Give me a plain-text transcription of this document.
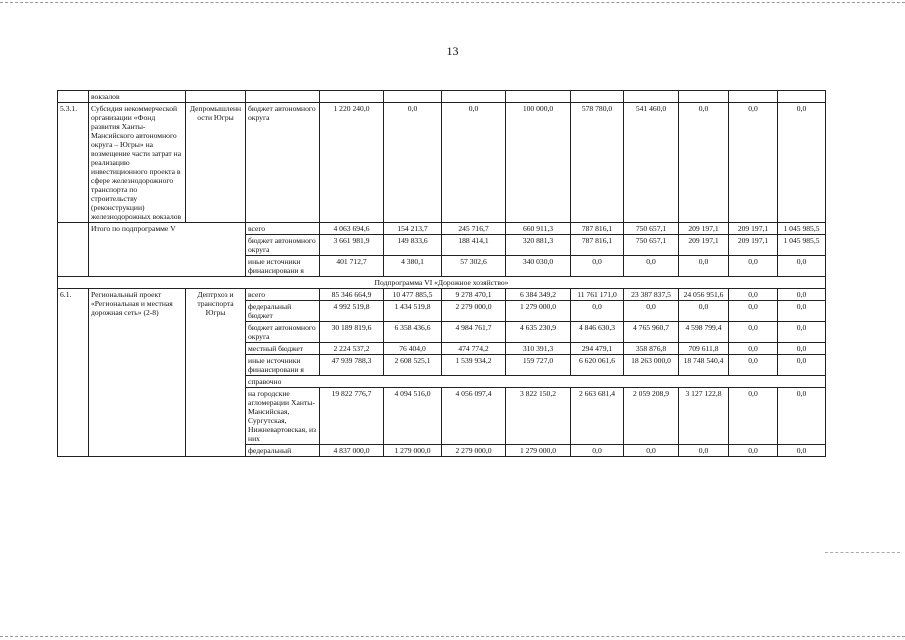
13
	вокзалов											
5.3.1.	Субсидия некоммерческой организации «Фонд развития Ханты-Мансийского автономного округа – Югры» на возмещение части затрат на реализацию инвестиционного проекта в сфере железнодорожного транспорта по строительству (реконструкции) железнодорожных вокзалов	Депромышленности Югры	бюджет автономного округа	1 220 240,0	0,0	0,0	100 000,0	578 780,0	541 460,0	0,0	0,0	0,0
	Итого по подпрограмме V		всего	4 063 694,6	154 213,7	245 716,7	660 911,3	787 816,1	750 657,1	209 197,1	209 197,1	1 045 985,5
			бюджет автономного округа	3 661 981,9	149 833,6	188 414,1	320 881,3	787 816,1	750 657,1	209 197,1	209 197,1	1 045 985,5
			иные источники финансировани я	401 712,7	4 380,1	57 302,6	340 030,0	0,0	0,0	0,0	0,0	0,0
Подпрограмма VI «Дорожное хозяйство»												
6.1.	Региональный проект «Региональная и местная дорожная сеть» (2-8)	Дептрхоз и транспорта Югры	всего	85 346 664,9	10 477 885,5	9 278 470,1	6 384 349,2	11 761 171,0	23 387 837,5	24 056 951,6	0,0	0,0
			федеральный бюджет	4 992 519,8	1 434 519,8	2 279 000,0	1 279 000,0	0,0	0,0	0,0	0,0	0,0
			бюджет автономного округа	30 189 819,6	6 358 436,6	4 984 761,7	4 635 230,9	4 846 630,3	4 765 960,7	4 598 799,4	0,0	0,0
			местный бюджет	2 224 537,2	76 404,0	474 774,2	310 391,3	294 479,1	358 876,8	709 611,8	0,0	0,0
			иные источники финансировани я	47 939 788,3	2 608 525,1	1 539 934,2	159 727,0	6 620 061,6	18 263 000,0	18 748 540,4	0,0	0,0
			справочно									
			на городские агломерации Ханты-Мансийская, Сургутская, Нижневартовская, из них	19 822 776,7	4 094 516,0	4 056 097,4	3 822 150,2	2 663 681,4	2 059 208,9	3 127 122,8	0,0	0,0
			федеральный	4 837 000,0	1 279 000,0	2 279 000,0	1 279 000,0	0,0	0,0	0,0	0,0	0,0
